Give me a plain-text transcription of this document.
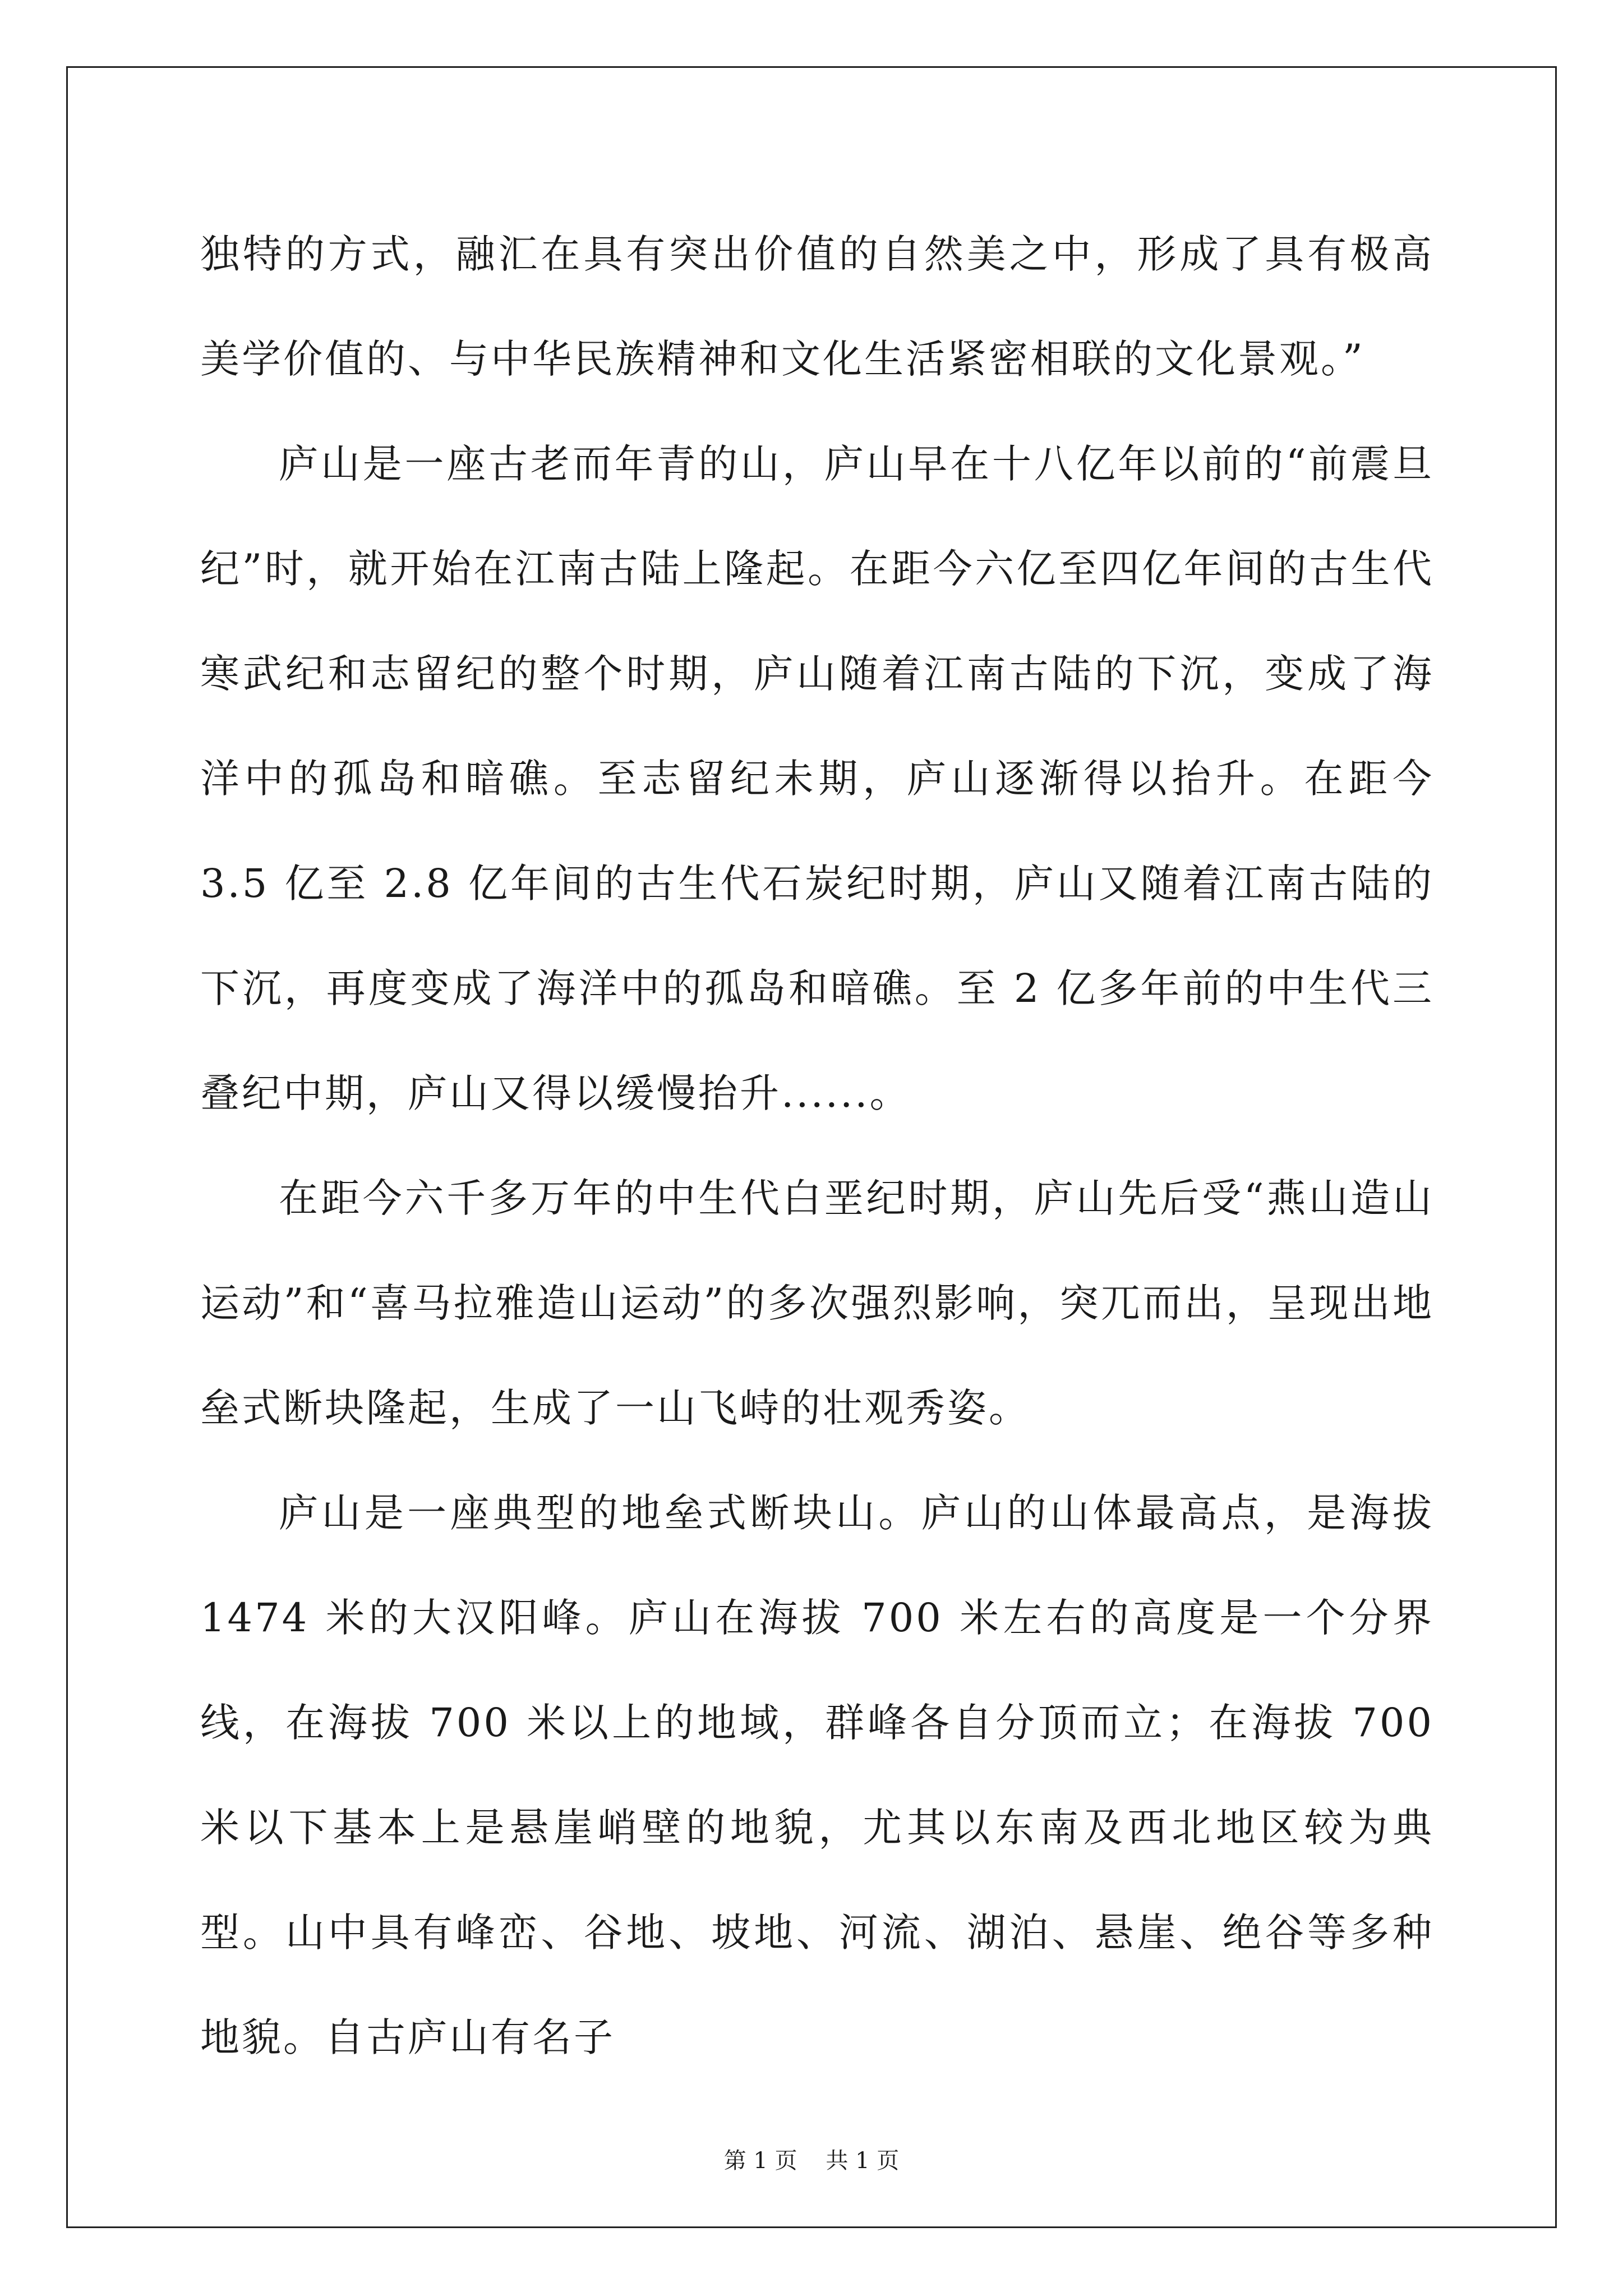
独特的方式，融汇在具有突出价值的自然美之中，形成了具有极高美学价值的、与中华民族精神和文化生活紧密相联的文化景观。”

庐山是一座古老而年青的山，庐山早在十八亿年以前的“前震旦纪”时，就开始在江南古陆上隆起。在距今六亿至四亿年间的古生代寒武纪和志留纪的整个时期，庐山随着江南古陆的下沉，变成了海洋中的孤岛和暗礁。至志留纪未期，庐山逐渐得以抬升。在距今 3.5 亿至 2.8 亿年间的古生代石炭纪时期，庐山又随着江南古陆的下沉，再度变成了海洋中的孤岛和暗礁。至 2 亿多年前的中生代三叠纪中期，庐山又得以缓慢抬升......。

在距今六千多万年的中生代白垩纪时期，庐山先后受“燕山造山运动”和“喜马拉雅造山运动”的多次强烈影响，突兀而出，呈现出地垒式断块隆起，生成了一山飞峙的壮观秀姿。

庐山是一座典型的地垒式断块山。庐山的山体最高点，是海拔 1474 米的大汉阳峰。庐山在海拔 700 米左右的高度是一个分界线，在海拔 700 米以上的地域，群峰各自分顶而立；在海拔 700 米以下基本上是悬崖峭壁的地貌，尤其以东南及西北地区较为典型。山中具有峰峦、谷地、坡地、河流、湖泊、悬崖、绝谷等多种地貌。自古庐山有名子

第 1 页    共 1 页
